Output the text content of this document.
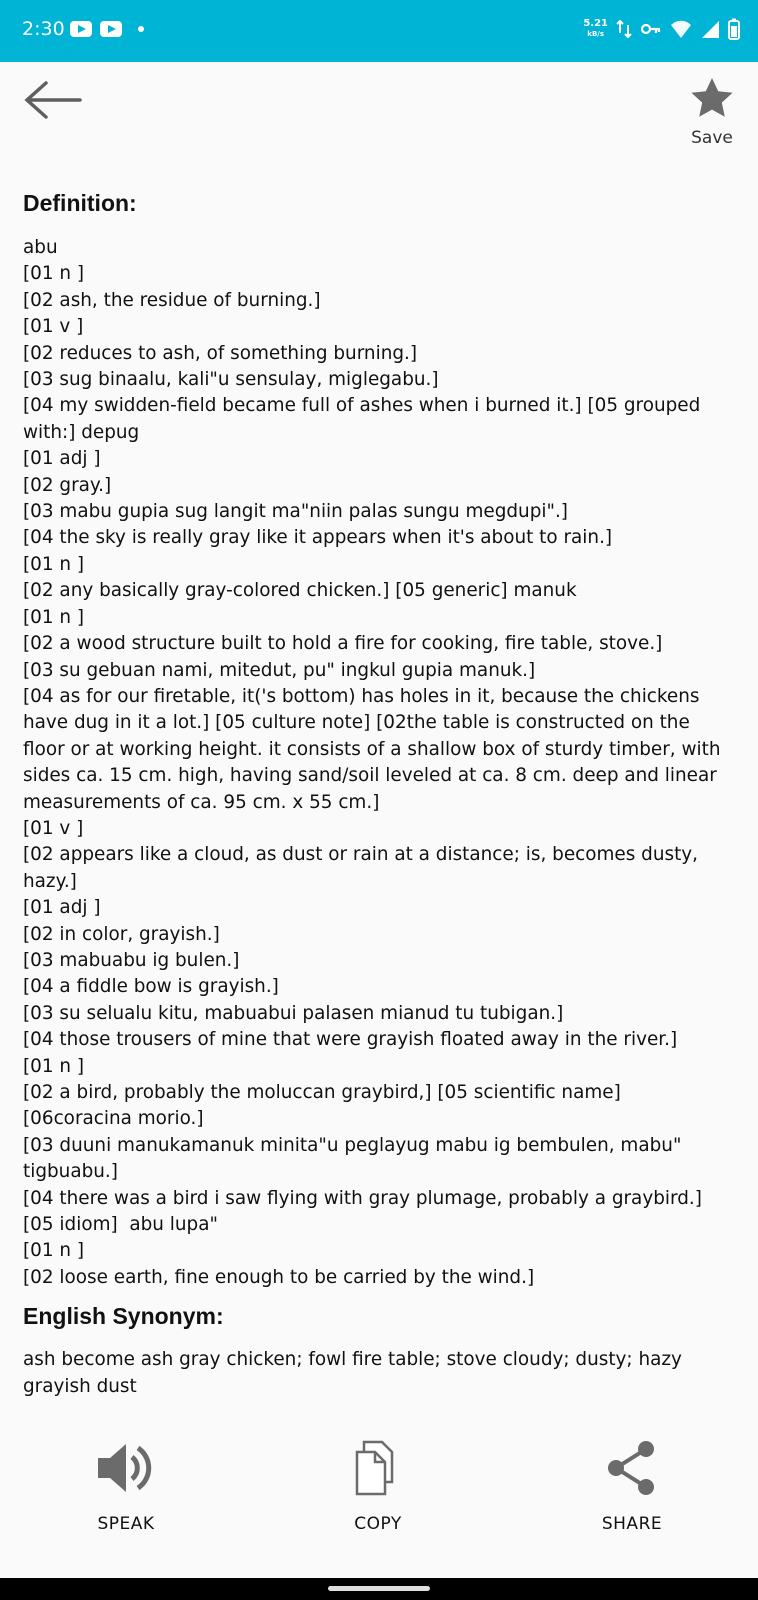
2:30	5.21
kB/s
Save
Definition:
abu
[01 n ]
[02 ash, the residue of burning.]
[01 v ]
[02 reduces to ash, of something burning.]
[03 sug binaalu, kali"u sensulay, miglegabu.]
[04 my swidden-field became full of ashes when i burned it.] [05 grouped with:] depug
[01 adj ]
[02 gray.]
[03 mabu gupia sug langit ma"niin palas sungu megdupi".]
[04 the sky is really gray like it appears when it's about to rain.]
[01 n ]
[02 any basically gray-colored chicken.] [05 generic] manuk
[01 n ]
[02 a wood structure built to hold a fire for cooking, fire table, stove.]
[03 su gebuan nami, mitedut, pu" ingkul gupia manuk.]
[04 as for our firetable, it('s bottom) has holes in it, because the chickens have dug in it a lot.] [05 culture note] [02the table is constructed on the floor or at working height. it consists of a shallow box of sturdy timber, with sides ca. 15 cm. high, having sand/soil leveled at ca. 8 cm. deep and linear measurements of ca. 95 cm. x 55 cm.]
[01 v ]
[02 appears like a cloud, as dust or rain at a distance; is, becomes dusty, hazy.]
[01 adj ]
[02 in color, grayish.]
[03 mabuabu ig bulen.]
[04 a fiddle bow is grayish.]
[03 su selualu kitu, mabuabui palasen mianud tu tubigan.]
[04 those trousers of mine that were grayish floated away in the river.]
[01 n ]
[02 a bird, probably the moluccan graybird,] [05 scientific name] [06coracina morio.]
[03 duuni manukamanuk minita"u peglayug mabu ig bembulen, mabu" tigbuabu.]
[04 there was a bird i saw flying with gray plumage, probably a graybird.]
[05 idiom]  abu lupa"
[01 n ]
[02 loose earth, fine enough to be carried by the wind.]
English Synonym:
ash become ash gray chicken; fowl fire table; stove cloudy; dusty; hazy grayish dust
SPEAK	COPY	SHARE
